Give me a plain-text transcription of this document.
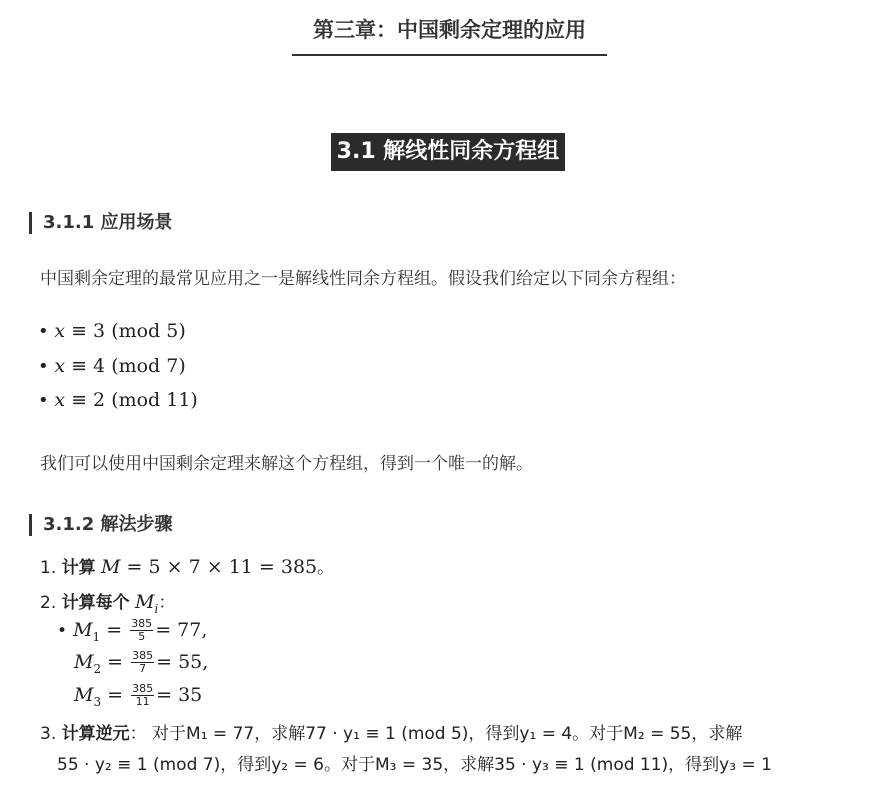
第三章：中国剩余定理的应用
3.1 解线性同余方程组
3.1.1 应用场景
中国剩余定理的最常见应用之一是解线性同余方程组。假设我们给定以下同余方程组：
• x ≡ 3 (mod 5)
• x ≡ 4 (mod 7)
• x ≡ 2 (mod 11)
我们可以使用中国剩余定理来解这个方程组，得到一个唯一的解。
3.1.2 解法步骤
1. 计算 M = 5 × 7 × 11 = 385。
2. 计算每个 $M_i$：
• $M_1 = \frac{385}{5} = 77$,
$M_2 = \frac{385}{7} = 55$,
$M_3 = \frac{385}{11} = 35$
3. 计算逆元： 对于M₁ = 77，求解77 · y₁ ≡ 1 (mod 5)，得到y₁ = 4。对于M₂ = 55，求解
55 · y₂ ≡ 1 (mod 7)，得到y₂ = 6。对于M₃ = 35，求解35 · y₃ ≡ 1 (mod 11)，得到y₃ = 1
